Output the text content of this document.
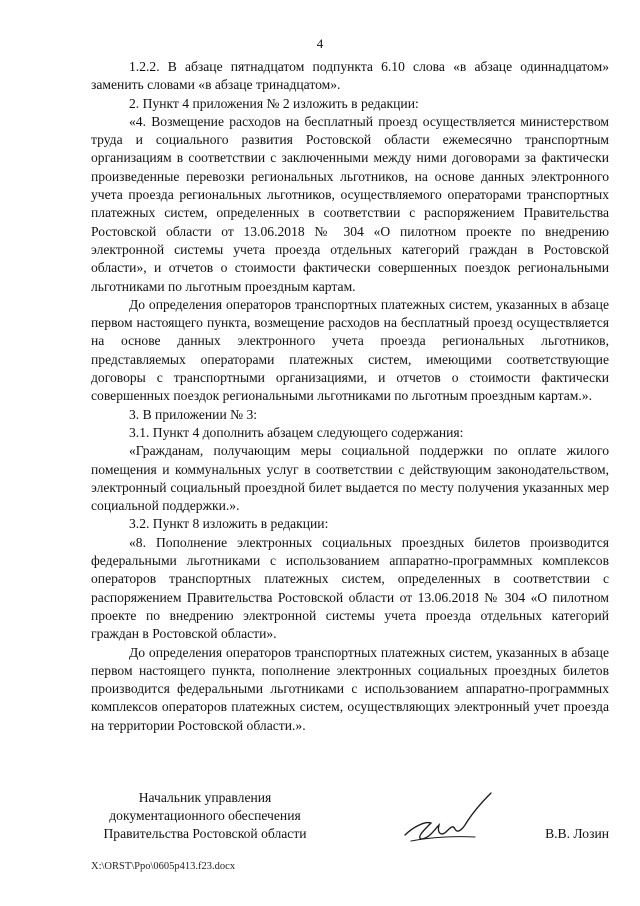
4

1.2.2. В абзаце пятнадцатом подпункта 6.10 слова «в абзаце одиннадцатом» заменить словами «в абзаце тринадцатом».

2. Пункт 4 приложения № 2 изложить в редакции:

«4. Возмещение расходов на бесплатный проезд осуществляется министерством труда и социального развития Ростовской области ежемесячно транспортным организациям в соответствии с заключенными между ними договорами за фактически произведенные перевозки региональных льготников, на основе данных электронного учета проезда региональных льготников, осуществляемого операторами транспортных платежных систем, определенных в соответствии с распоряжением Правительства Ростовской области от 13.06.2018 № 304 «О пилотном проекте по внедрению электронной системы учета проезда отдельных категорий граждан в Ростовской области», и отчетов о стоимости фактически совершенных поездок региональными льготниками по льготным проездным картам.

До определения операторов транспортных платежных систем, указанных в абзаце первом настоящего пункта, возмещение расходов на бесплатный проезд осуществляется на основе данных электронного учета проезда региональных льготников, представляемых операторами платежных систем, имеющими соответствующие договоры с транспортными организациями, и отчетов о стоимости фактически совершенных поездок региональными льготниками по льготным проездным картам.».

3. В приложении № 3:

3.1. Пункт 4 дополнить абзацем следующего содержания:

«Гражданам, получающим меры социальной поддержки по оплате жилого помещения и коммунальных услуг в соответствии с действующим законодательством, электронный социальный проездной билет выдается по месту получения указанных мер социальной поддержки.».

3.2. Пункт 8 изложить в редакции:

«8. Пополнение электронных социальных проездных билетов производится федеральными льготниками с использованием аппаратно-программных комплексов операторов транспортных платежных систем, определенных в соответствии с распоряжением Правительства Ростовской области от 13.06.2018 № 304 «О пилотном проекте по внедрению электронной системы учета проезда отдельных категорий граждан в Ростовской области».

До определения операторов транспортных платежных систем, указанных в абзаце первом настоящего пункта, пополнение электронных социальных проездных билетов производится федеральными льготниками с использованием аппаратно-программных комплексов операторов платежных систем, осуществляющих электронный учет проезда на территории Ростовской области.».

Начальник управления
документационного обеспечения
Правительства Ростовской области	В.В. Лозин
X:\ORST\Ppo\0605p413.f23.docx
